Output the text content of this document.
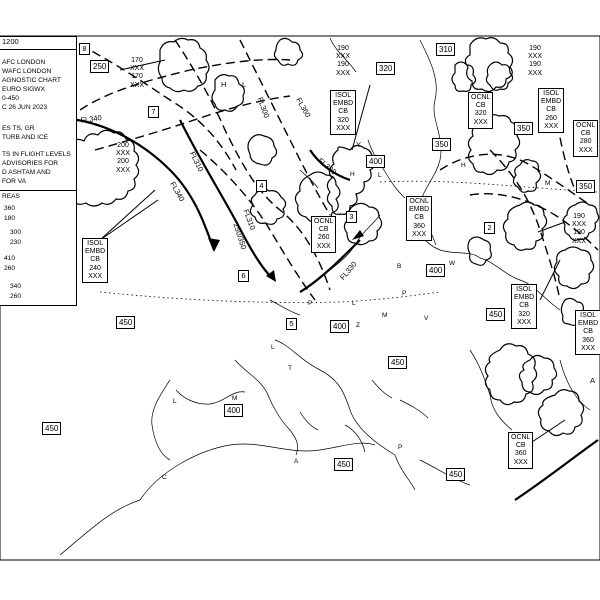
1200
AFC LONDON
WAFC LONDON
AGNOSTIC CHART
EURO SIGWX
0-450
C 26 JUN 2023
ES TS, GR
TURB AND ICE
TS IN FLIGHT LEVELS
ADVISORIES FOR
D ASHTAM AND
FOR VA
REAS
360
180
300
230
410
260
340
260
250
310
320
350
350
350
400
400
400
450
450
450
450
450
450
400
8
7
4
6
5
3
2
FL340
FL310
FL340
FL310
250/350
FL330
FL300	FL360
FL330
170
XXX
170
XXX
190
XXX
190
XXX
190
XXX
190
XXX
200
XXX
200
XXX
190
XXX
190
XXX
ISOL
EMBD
CB
320
XXX
ISOL
EMBD
CB
260
XXX	OCNL
CB
280
XXX
OCNL
CB
320
XXX
OCNL
EMBD
CB
360
XXX
OCNL
CB
260
XXX
ISOL
EMBD
CB
240
XXX
ISOL
EMBD
CB
320
XXX
ISOL
EMBD
CB
360
XXX
OCNL
CB
360
XXX
H
L
L
L
H
M
B	W
P
Z
M	V
P
T
L
M
A
P
C
H L
Y
A
